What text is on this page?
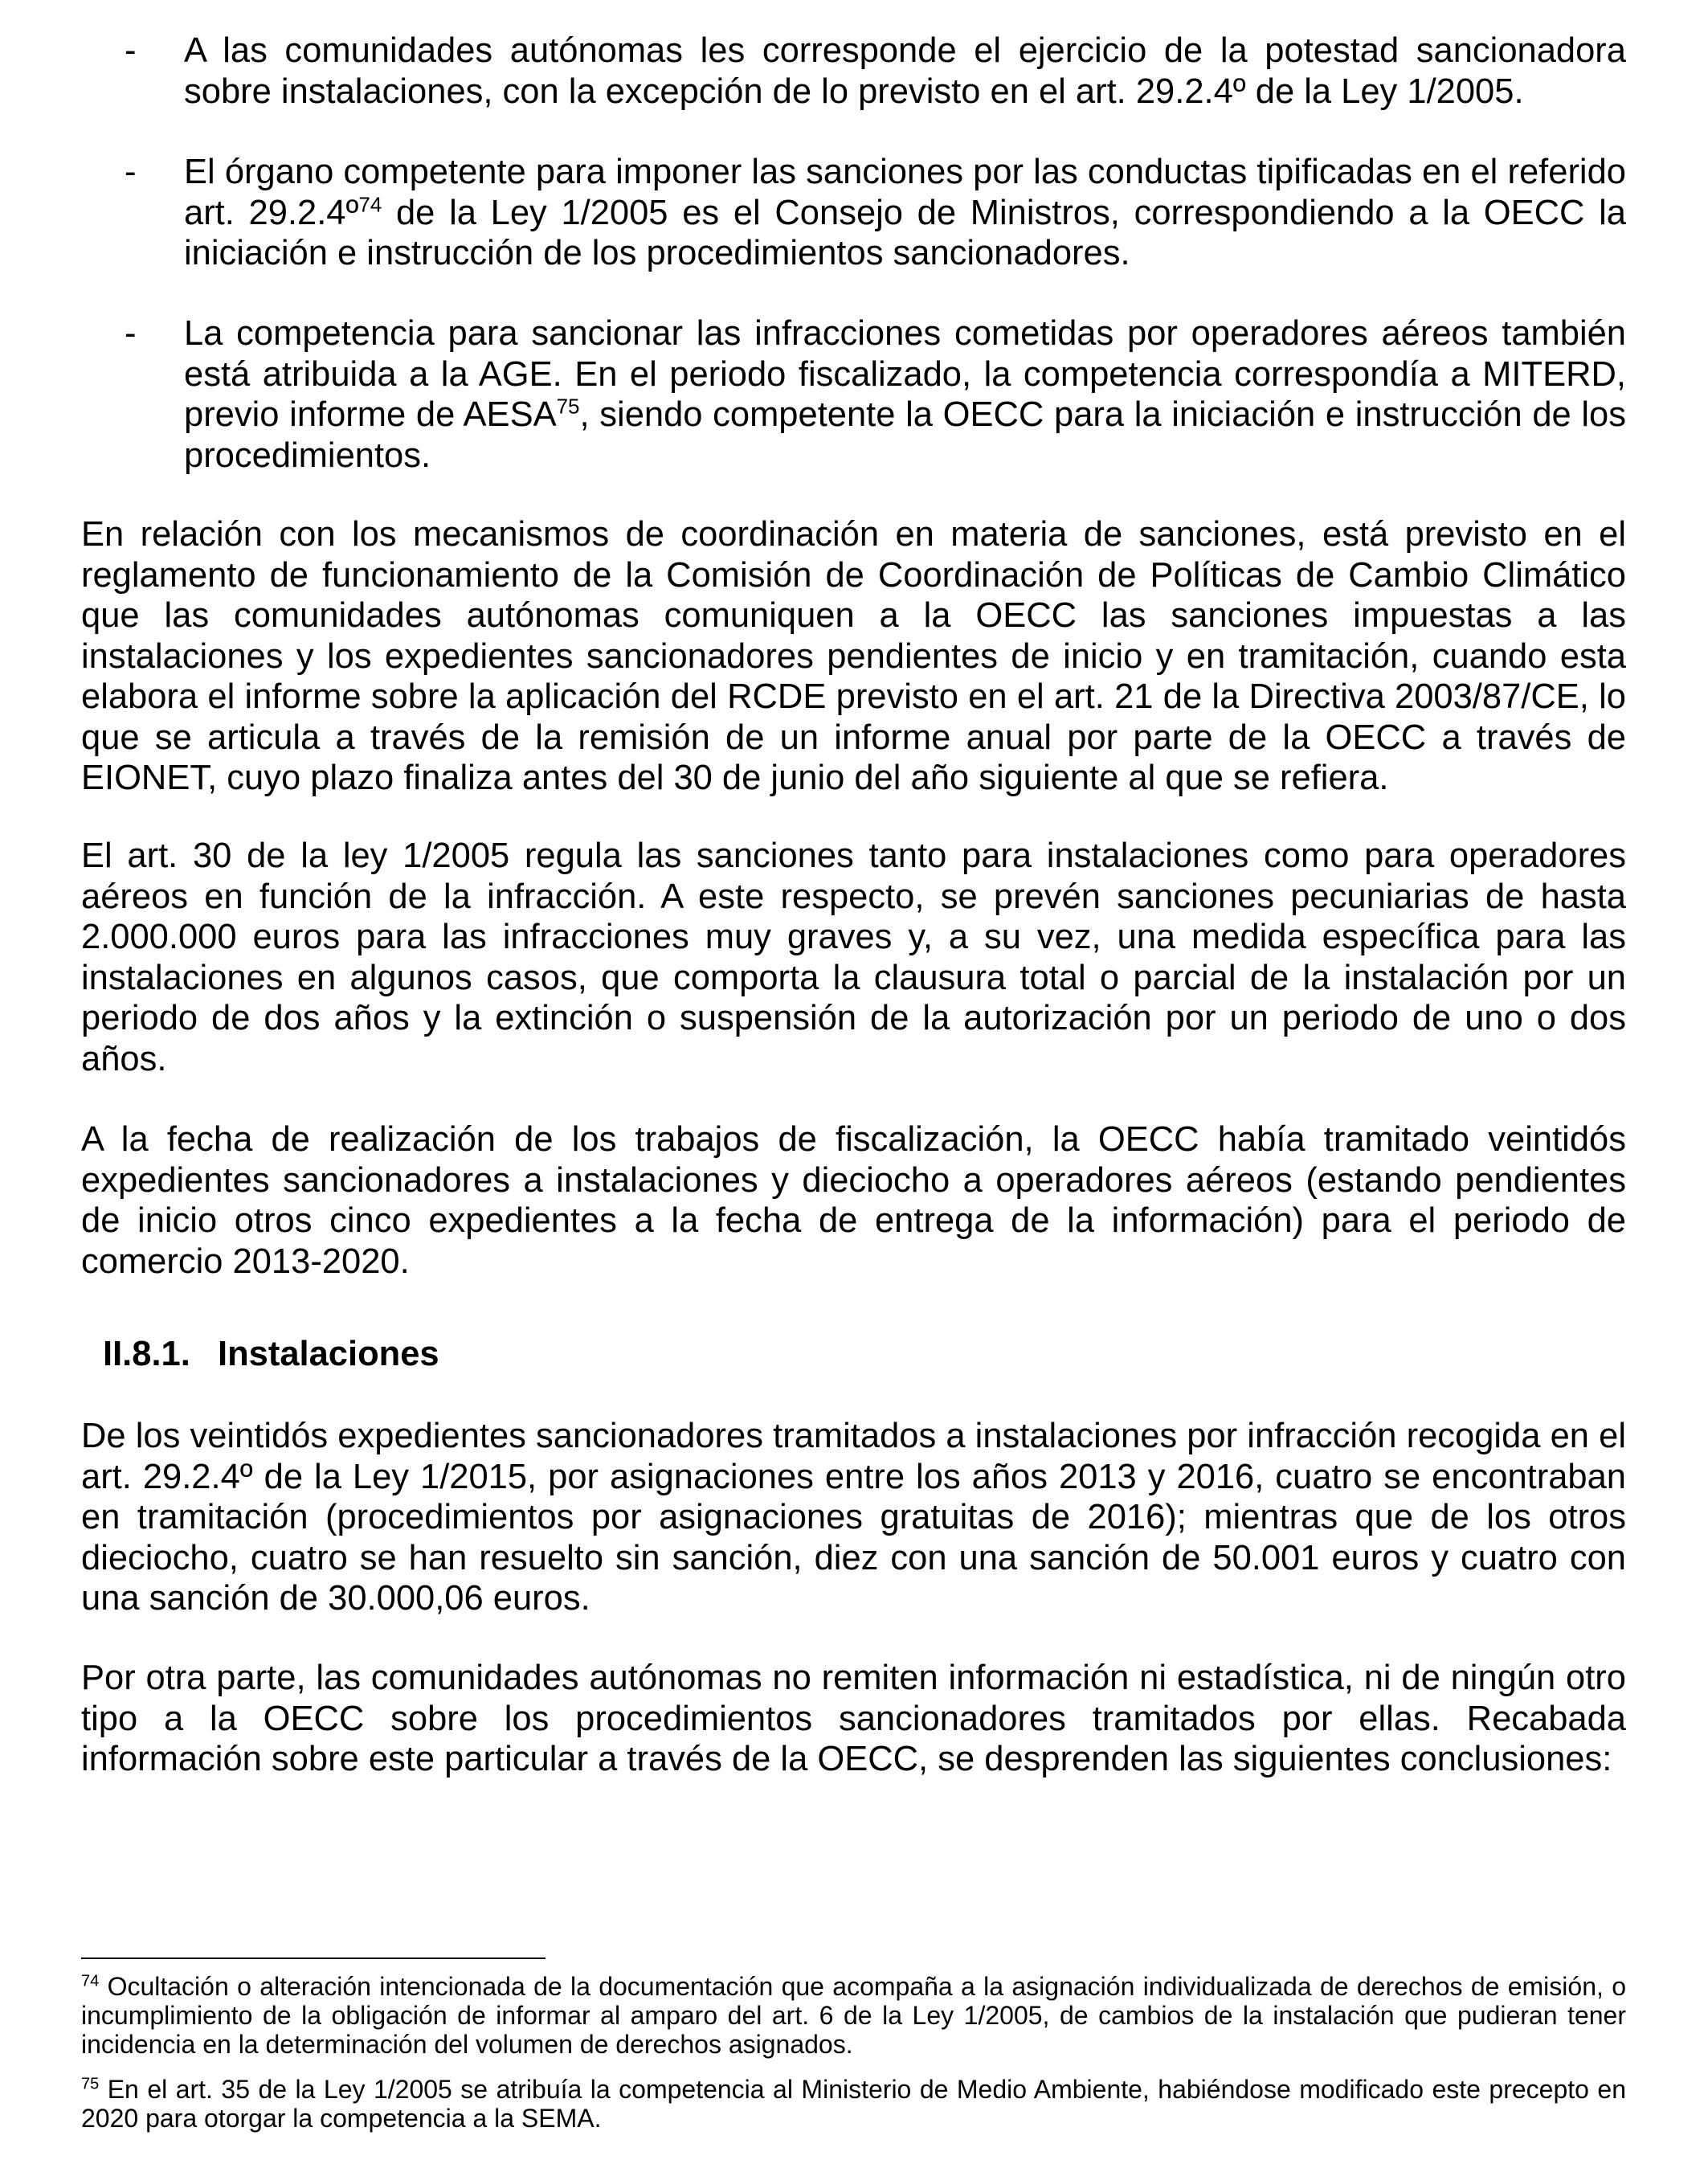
- A las comunidades autónomas les corresponde el ejercicio de la potestad sancionadora sobre instalaciones, con la excepción de lo previsto en el art. 29.2.4º de la Ley 1/2005.

- El órgano competente para imponer las sanciones por las conductas tipificadas en el referido art. 29.2.4º$^{74}$ de la Ley 1/2005 es el Consejo de Ministros, correspondiendo a la OECC la iniciación e instrucción de los procedimientos sancionadores.

- La competencia para sancionar las infracciones cometidas por operadores aéreos también está atribuida a la AGE. En el periodo fiscalizado, la competencia correspondía a MITERD, previo informe de AESA$^{75}$, siendo competente la OECC para la iniciación e instrucción de los procedimientos.

En relación con los mecanismos de coordinación en materia de sanciones, está previsto en el reglamento de funcionamiento de la Comisión de Coordinación de Políticas de Cambio Climático que las comunidades autónomas comuniquen a la OECC las sanciones impuestas a las instalaciones y los expedientes sancionadores pendientes de inicio y en tramitación, cuando esta elabora el informe sobre la aplicación del RCDE previsto en el art. 21 de la Directiva 2003/87/CE, lo que se articula a través de la remisión de un informe anual por parte de la OECC a través de EIONET, cuyo plazo finaliza antes del 30 de junio del año siguiente al que se refiera.

El art. 30 de la ley 1/2005 regula las sanciones tanto para instalaciones como para operadores aéreos en función de la infracción. A este respecto, se prevén sanciones pecuniarias de hasta 2.000.000 euros para las infracciones muy graves y, a su vez, una medida específica para las instalaciones en algunos casos, que comporta la clausura total o parcial de la instalación por un periodo de dos años y la extinción o suspensión de la autorización por un periodo de uno o dos años.

A la fecha de realización de los trabajos de fiscalización, la OECC había tramitado veintidós expedientes sancionadores a instalaciones y dieciocho a operadores aéreos (estando pendientes de inicio otros cinco expedientes a la fecha de entrega de la información) para el periodo de comercio 2013-2020.

II.8.1. Instalaciones

De los veintidós expedientes sancionadores tramitados a instalaciones por infracción recogida en el art. 29.2.4º de la Ley 1/2015, por asignaciones entre los años 2013 y 2016, cuatro se encontraban en tramitación (procedimientos por asignaciones gratuitas de 2016); mientras que de los otros dieciocho, cuatro se han resuelto sin sanción, diez con una sanción de 50.001 euros y cuatro con una sanción de 30.000,06 euros.

Por otra parte, las comunidades autónomas no remiten información ni estadística, ni de ningún otro tipo a la OECC sobre los procedimientos sancionadores tramitados por ellas. Recabada información sobre este particular a través de la OECC, se desprenden las siguientes conclusiones:

$^{74}$ Ocultación o alteración intencionada de la documentación que acompaña a la asignación individualizada de derechos de emisión, o incumplimiento de la obligación de informar al amparo del art. 6 de la Ley 1/2005, de cambios de la instalación que pudieran tener incidencia en la determinación del volumen de derechos asignados.

$^{75}$ En el art. 35 de la Ley 1/2005 se atribuía la competencia al Ministerio de Medio Ambiente, habiéndose modificado este precepto en 2020 para otorgar la competencia a la SEMA.
